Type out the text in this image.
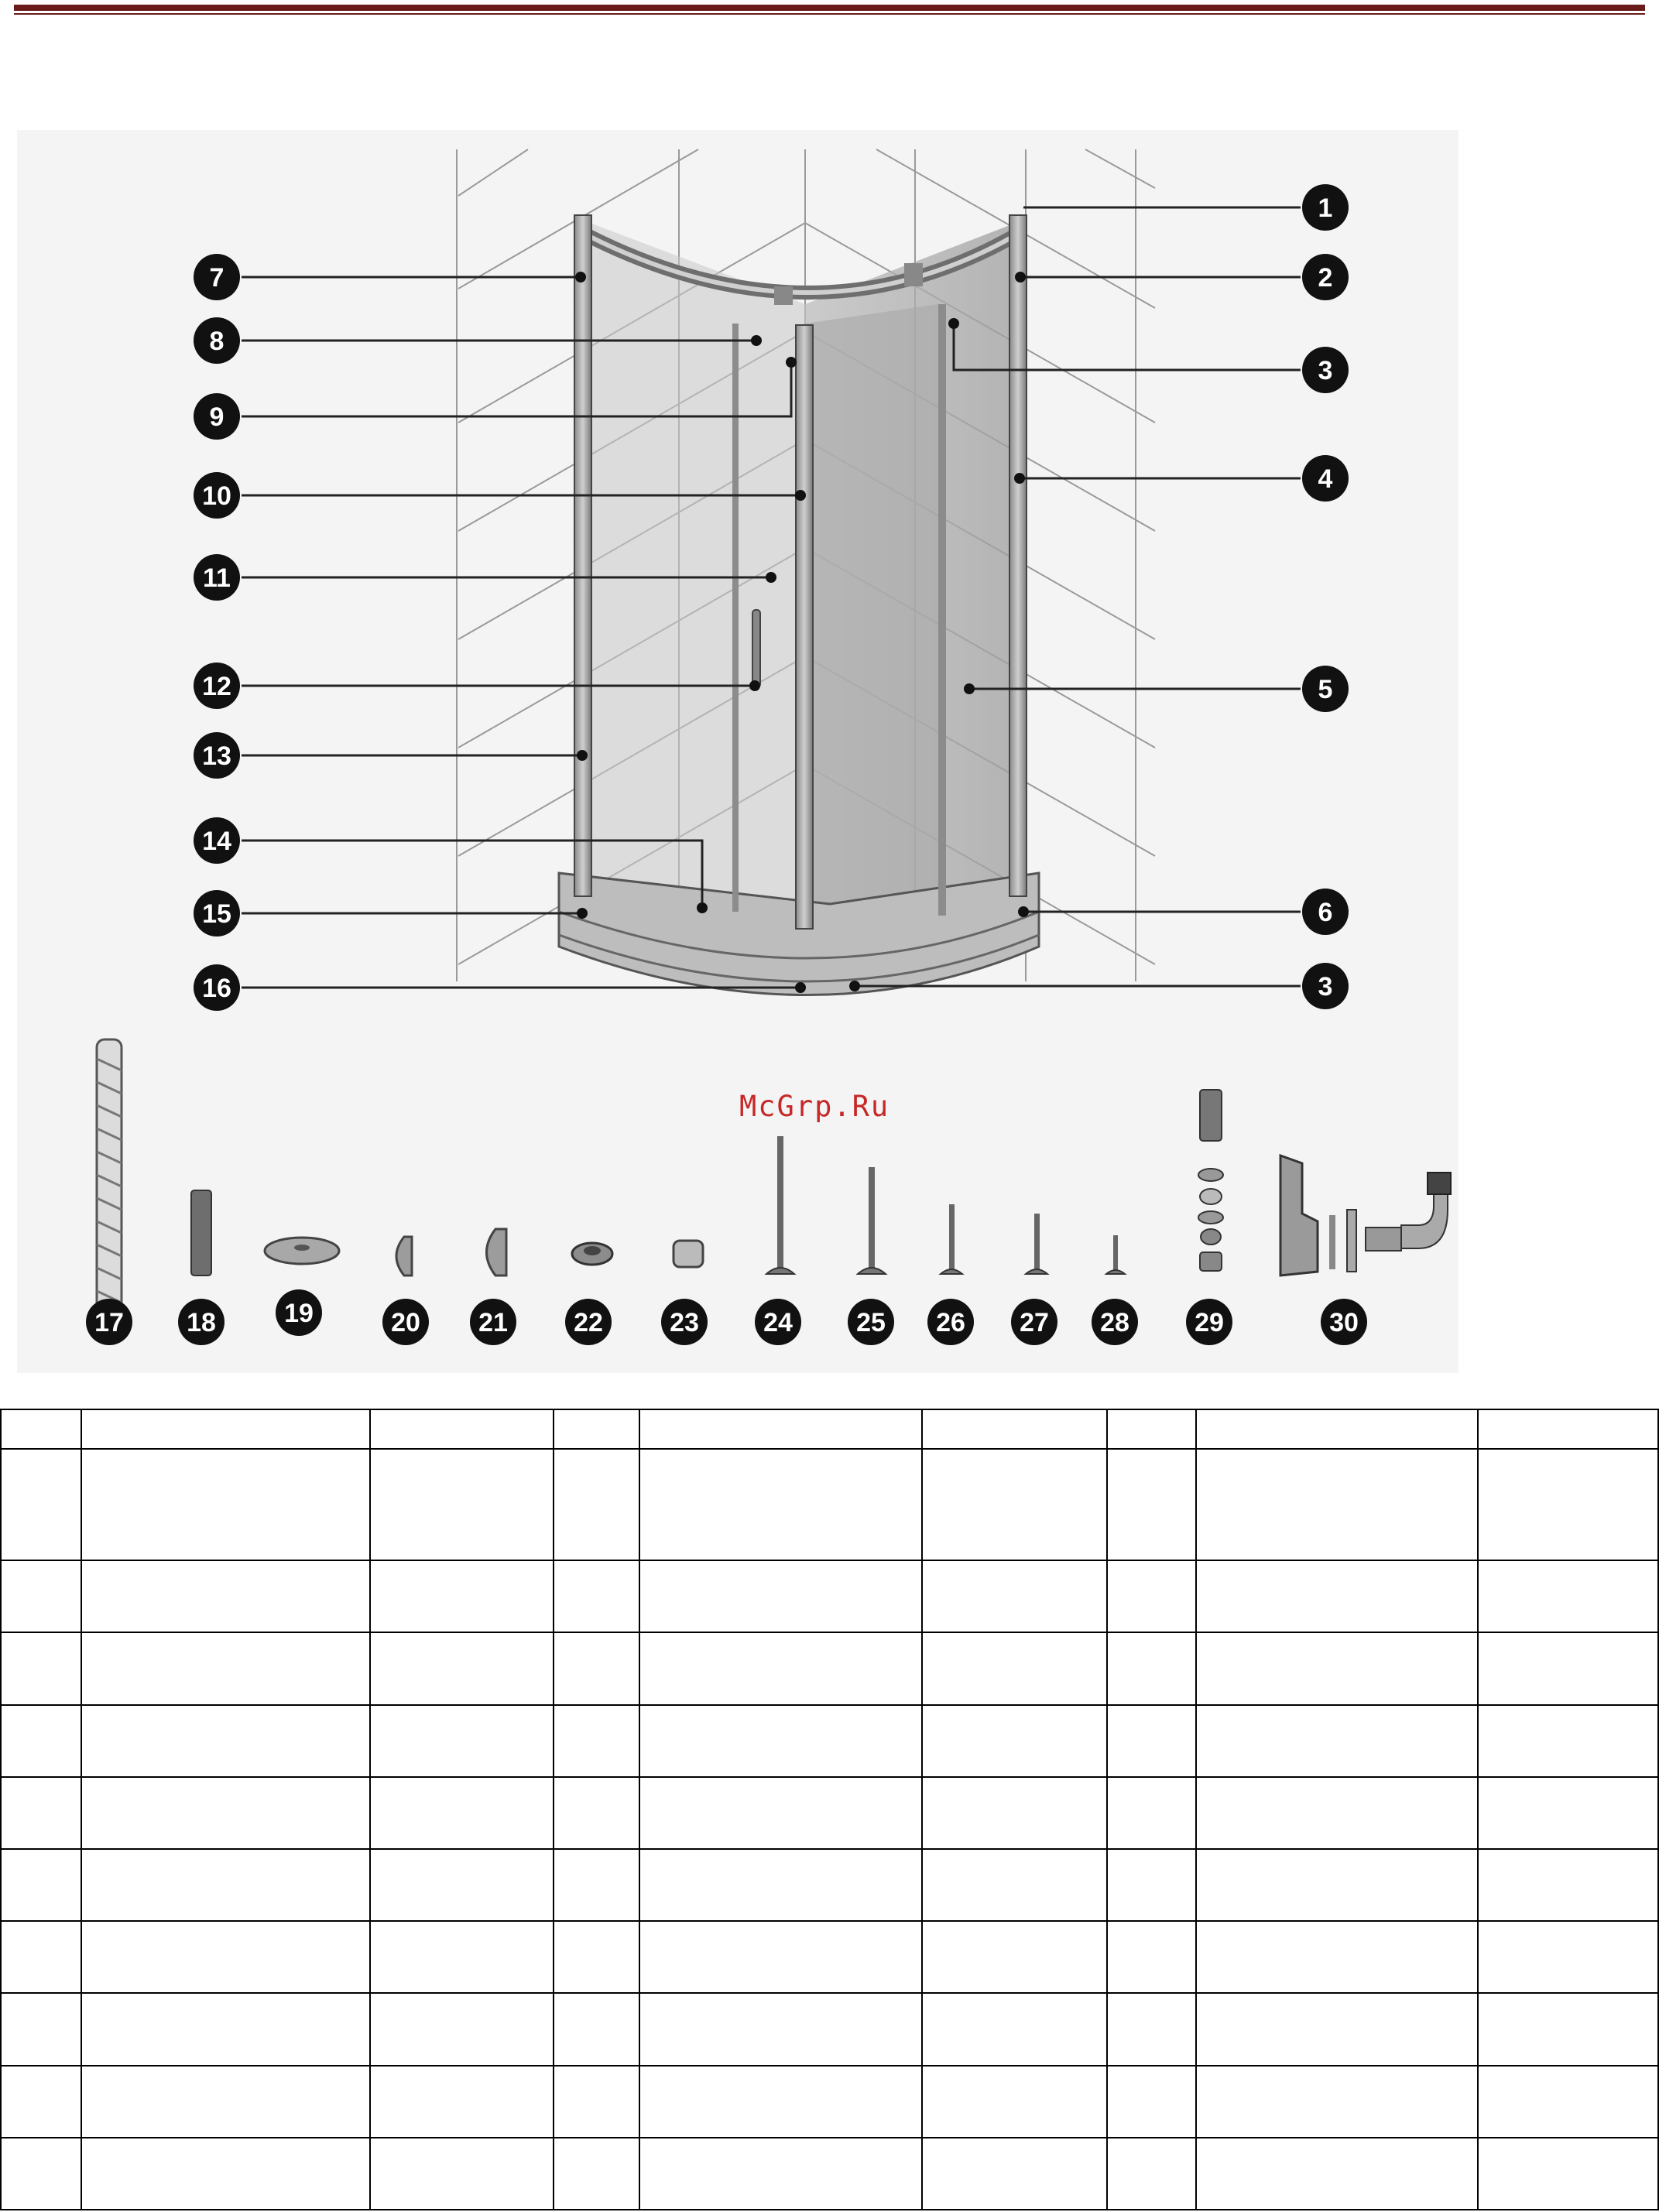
1
2
3
4
5
6
3
7
8
9
10
11
12
13
14
15
16
17 18	19	20 21	22	23 24 25 26 27 28 29	30
McGrp.Ru
